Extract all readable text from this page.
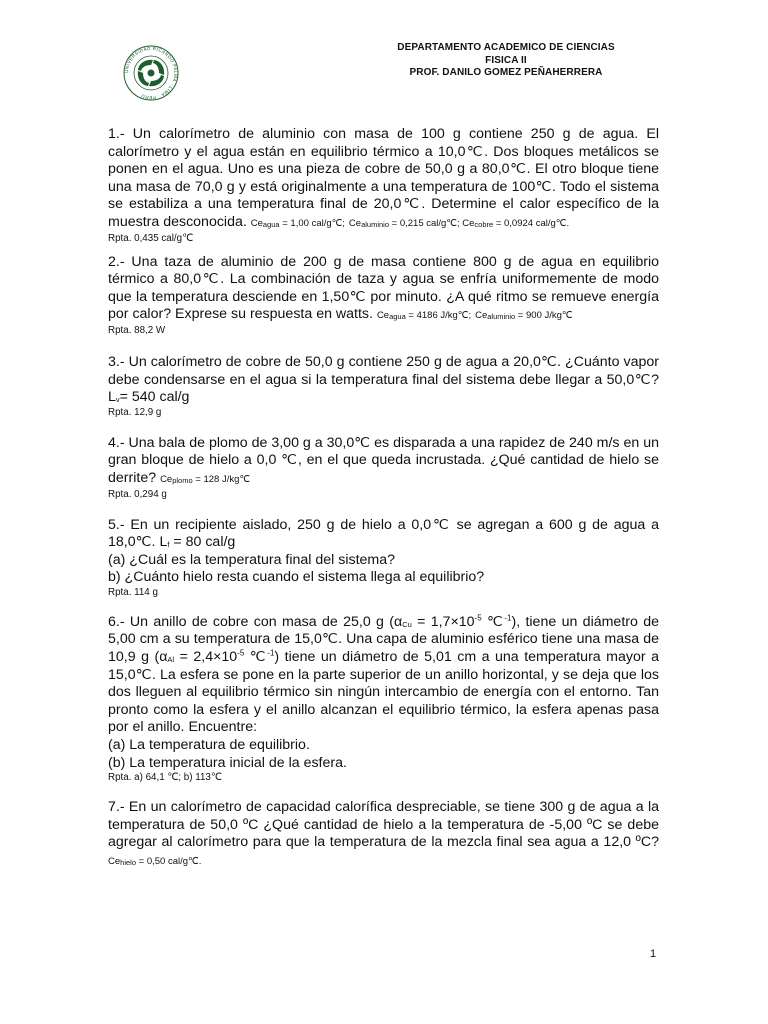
UNIVERSIDAD RICARDO PALMA · LIMA · PERÚ
DEPARTAMENTO ACADEMICO DE CIENCIAS
FISICA II
PROF. DANILO GOMEZ PEÑAHERRERA

1.- Un calorímetro de aluminio con masa de 100 g contiene 250 g de agua. El calorímetro y el agua están en equilibrio térmico a 10,0℃. Dos bloques metálicos se ponen en el agua. Uno es una pieza de cobre de 50,0 g a 80,0℃. El otro bloque tiene una masa de 70,0 g y está originalmente a una temperatura de 100℃. Todo el sistema se estabiliza a una temperatura final de 20,0℃. Determine el calor específico de la muestra desconocida. Ceagua = 1,00 cal/g℃; Cealuminio = 0,215 cal/g℃; Cecobre = 0,0924 cal/g℃.

Rpta. 0,435 cal/g℃

2.- Una taza de aluminio de 200 g de masa contiene 800 g de agua en equilibrio térmico a 80,0℃. La combinación de taza y agua se enfría uniformemente de modo que la temperatura desciende en 1,50℃ por minuto. ¿A qué ritmo se remueve energía por calor? Exprese su respuesta en watts. Ceagua = 4186 J/kg℃; Cealuminio = 900 J/kg℃

Rpta. 88,2 W

3.- Un calorímetro de cobre de 50,0 g contiene 250 g de agua a 20,0℃. ¿Cuánto vapor debe condensarse en el agua si la temperatura final del sistema debe llegar a 50,0℃? Lv= 540 cal/g

Rpta. 12,9 g

4.- Una bala de plomo de 3,00 g a 30,0℃ es disparada a una rapidez de 240 m/s en un gran bloque de hielo a 0,0 ℃, en el que queda incrustada. ¿Qué cantidad de hielo se derrite? Ceplomo = 128 J/kg℃

Rpta. 0,294 g

5.- En un recipiente aislado, 250 g de hielo a 0,0℃ se agregan a 600 g de agua a 18,0℃. Lf = 80 cal/g

(a) ¿Cuál es la temperatura final del sistema?
b) ¿Cuánto hielo resta cuando el sistema llega al equilibrio?

Rpta. 114 g

6.- Un anillo de cobre con masa de 25,0 g ($\alpha Cu = 1,7\times 10^{-5}$ ℃$^{-1}$), tiene un diámetro de 5,00 cm a su temperatura de 15,0℃. Una capa de aluminio esférico tiene una masa de 10,9 g ($\alpha Al = 2,4\times 10^{-5}$ ℃$^{-1}$) tiene un diámetro de 5,01 cm a una temperatura mayor a 15,0℃. La esfera se pone en la parte superior de un anillo horizontal, y se deja que los dos lleguen al equilibrio térmico sin ningún intercambio de energía con el entorno. Tan pronto como la esfera y el anillo alcanzan el equilibrio térmico, la esfera apenas pasa por el anillo. Encuentre:

(a) La temperatura de equilibrio.
(b) La temperatura inicial de la esfera.

Rpta. a) 64,1 ℃; b) 113℃

7.- En un calorímetro de capacidad calorífica despreciable, se tiene 300 g de agua a la temperatura de 50,0 ºC ¿Qué cantidad de hielo a la temperatura de -5,00 ºC se debe agregar al calorímetro para que la temperatura de la mezcla final sea agua a 12,0 ºC? Cehielo = 0,50 cal/g℃.

1
